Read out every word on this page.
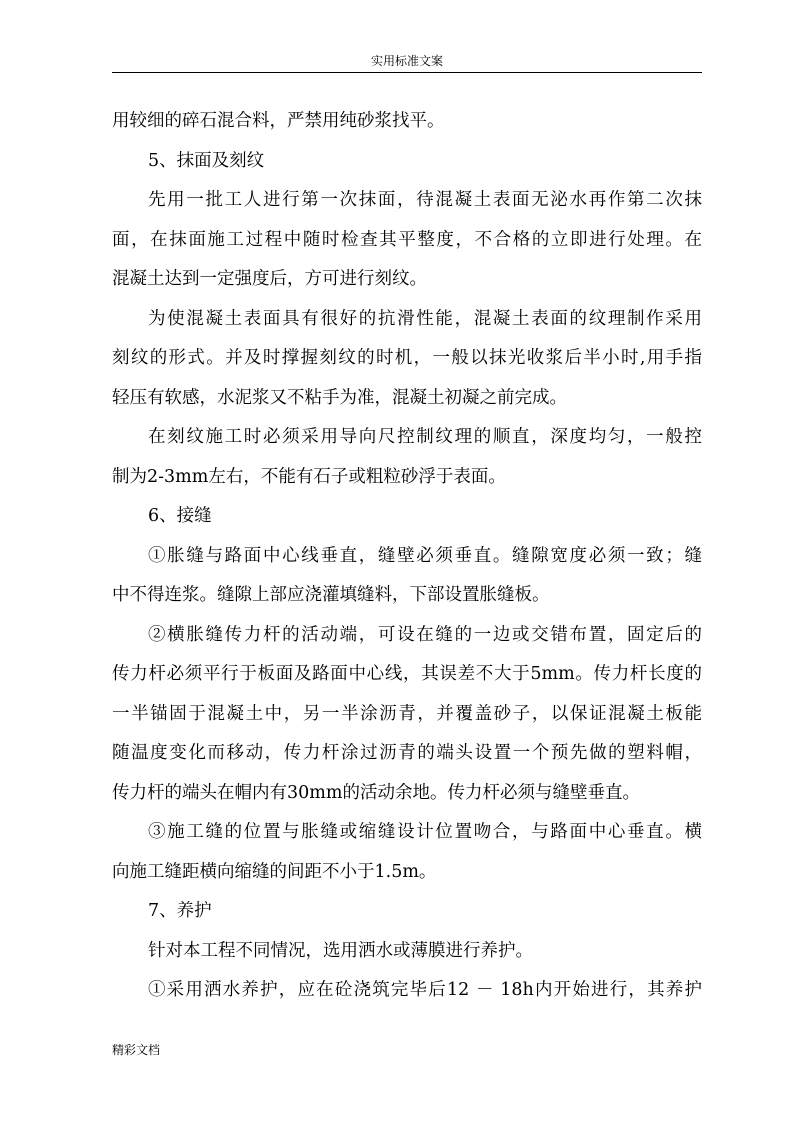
实用标准文案
用较细的碎石混合料，严禁用纯砂浆找平。
5、抹面及刻纹
先用一批工人进行第一次抹面，待混凝土表面无泌水再作第二次抹
面，在抹面施工过程中随时检查其平整度，不合格的立即进行处理。在
混凝土达到一定强度后，方可进行刻纹。
为使混凝土表面具有很好的抗滑性能，混凝土表面的纹理制作采用
刻纹的形式。并及时撑握刻纹的时机，一般以抹光收浆后半小时,用手指
轻压有软感，水泥浆又不粘手为准，混凝土初凝之前完成。
在刻纹施工时必须采用导向尺控制纹理的顺直，深度均匀，一般控
制为2-3mm左右，不能有石子或粗粒砂浮于表面。
6、接缝
①胀缝与路面中心线垂直，缝壁必须垂直。缝隙宽度必须一致；缝
中不得连浆。缝隙上部应浇灌填缝料，下部设置胀缝板。
②横胀缝传力杆的活动端，可设在缝的一边或交错布置，固定后的
传力杆必须平行于板面及路面中心线，其误差不大于5mm。传力杆长度的
一半锚固于混凝土中，另一半涂沥青，并覆盖砂子，以保证混凝土板能
随温度变化而移动，传力杆涂过沥青的端头设置一个预先做的塑料帽，
传力杆的端头在帽内有30mm的活动余地。传力杆必须与缝壁垂直。
③施工缝的位置与胀缝或缩缝设计位置吻合，与路面中心垂直。横
向施工缝距横向缩缝的间距不小于1.5m。
7、养护
针对本工程不同情况，选用洒水或薄膜进行养护。
①采用洒水养护，应在砼浇筑完毕后12 － 18h内开始进行，其养护
精彩文档
